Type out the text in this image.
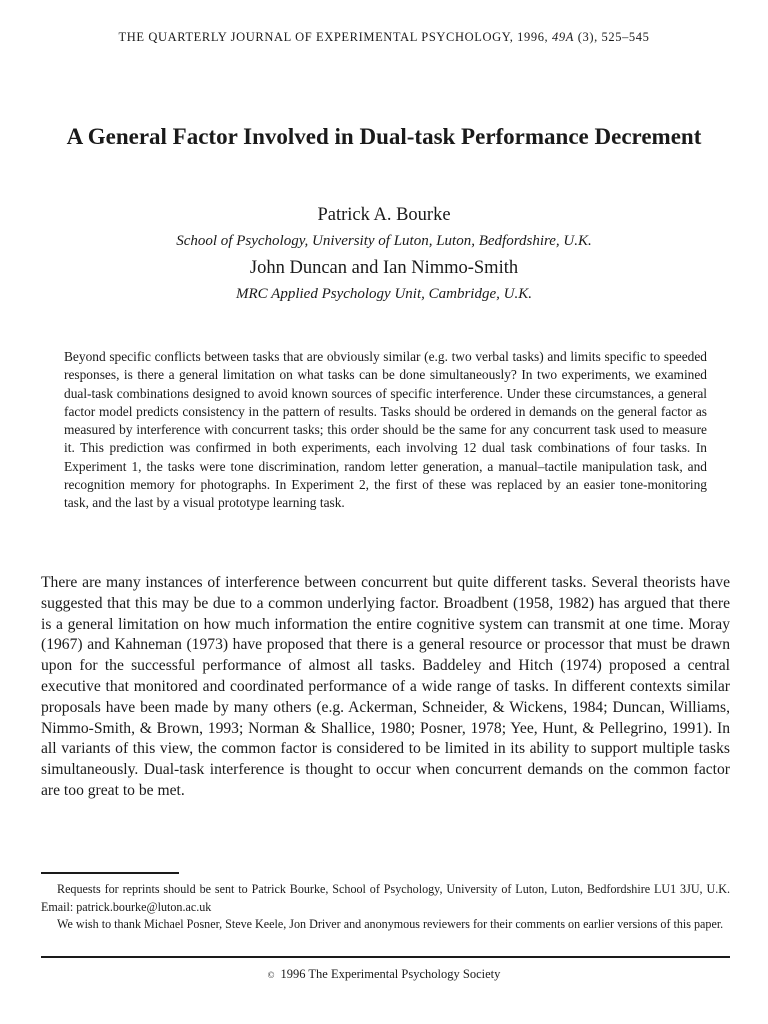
THE QUARTERLY JOURNAL OF EXPERIMENTAL PSYCHOLOGY, 1996, 49A (3), 525–545
A General Factor Involved in Dual-task Performance Decrement
Patrick A. Bourke
School of Psychology, University of Luton, Luton, Bedfordshire, U.K.
John Duncan and Ian Nimmo-Smith
MRC Applied Psychology Unit, Cambridge, U.K.

Beyond specific conflicts between tasks that are obviously similar (e.g. two verbal tasks) and limits specific to speeded responses, is there a general limitation on what tasks can be done simultaneously? In two experiments, we examined dual-task combinations designed to avoid known sources of specific interference. Under these circumstances, a general factor model predicts consistency in the pattern of results. Tasks should be ordered in demands on the general factor as measured by interference with concurrent tasks; this order should be the same for any concurrent task used to measure it. This prediction was confirmed in both experiments, each involving 12 dual task combinations of four tasks. In Experiment 1, the tasks were tone discrimination, random letter generation, a manual–tactile manipulation task, and recognition memory for photographs. In Experiment 2, the first of these was replaced by an easier tone-monitoring task, and the last by a visual prototype learning task.

There are many instances of interference between concurrent but quite different tasks. Several theorists have suggested that this may be due to a common underlying factor. Broadbent (1958, 1982) has argued that there is a general limitation on how much information the entire cognitive system can transmit at one time. Moray (1967) and Kahneman (1973) have proposed that there is a general resource or processor that must be drawn upon for the successful performance of almost all tasks. Baddeley and Hitch (1974) proposed a central executive that monitored and coordinated performance of a wide range of tasks. In different contexts similar proposals have been made by many others (e.g. Ackerman, Schneider, & Wickens, 1984; Duncan, Williams, Nimmo-Smith, & Brown, 1993; Norman & Shallice, 1980; Posner, 1978; Yee, Hunt, & Pellegrino, 1991). In all variants of this view, the common factor is considered to be limited in its ability to support multiple tasks simultaneously. Dual-task interference is thought to occur when concurrent demands on the common factor are too great to be met.

Requests for reprints should be sent to Patrick Bourke, School of Psychology, University of Luton, Luton, Bedfordshire LU1 3JU, U.K. Email: patrick.bourke@luton.ac.uk

We wish to thank Michael Posner, Steve Keele, Jon Driver and anonymous reviewers for their comments on earlier versions of this paper.

© 1996 The Experimental Psychology Society
